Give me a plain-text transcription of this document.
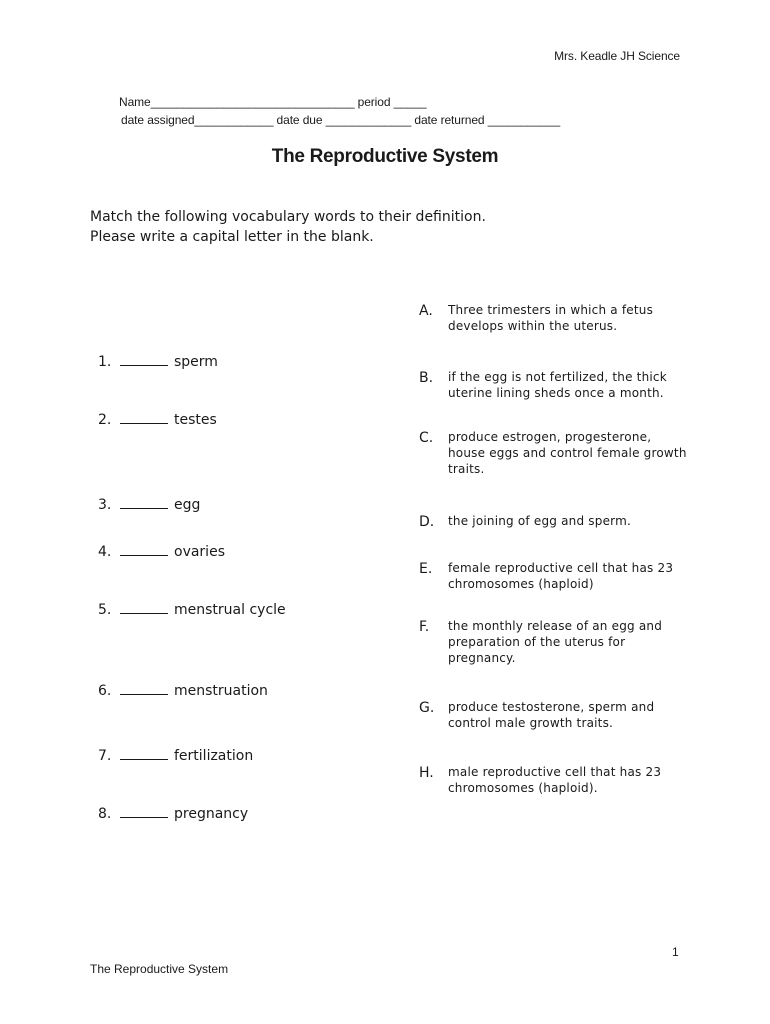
Mrs. Keadle JH Science
Name_______________________________ period _____
date assigned____________ date due _____________ date returned ___________
The Reproductive System
Match the following vocabulary words to their definition.
Please write a capital letter in the blank.
1.	sperm
2.	testes
3.	egg
4.	ovaries
5.	menstrual cycle
6.	menstruation
7.	fertilization
8.	pregnancy
A. Three trimesters in which a fetus develops within the uterus.
B. if the egg is not fertilized, the thick uterine lining sheds once a month.
C. produce estrogen, progesterone, house eggs and control female growth traits.
D. the joining of egg and sperm.
E. female reproductive cell that has 23 chromosomes (haploid)
F. the monthly release of an egg and preparation of the uterus for pregnancy.
G. produce testosterone, sperm and control male growth traits.
H. male reproductive cell that has 23 chromosomes (haploid).
1
The Reproductive System
